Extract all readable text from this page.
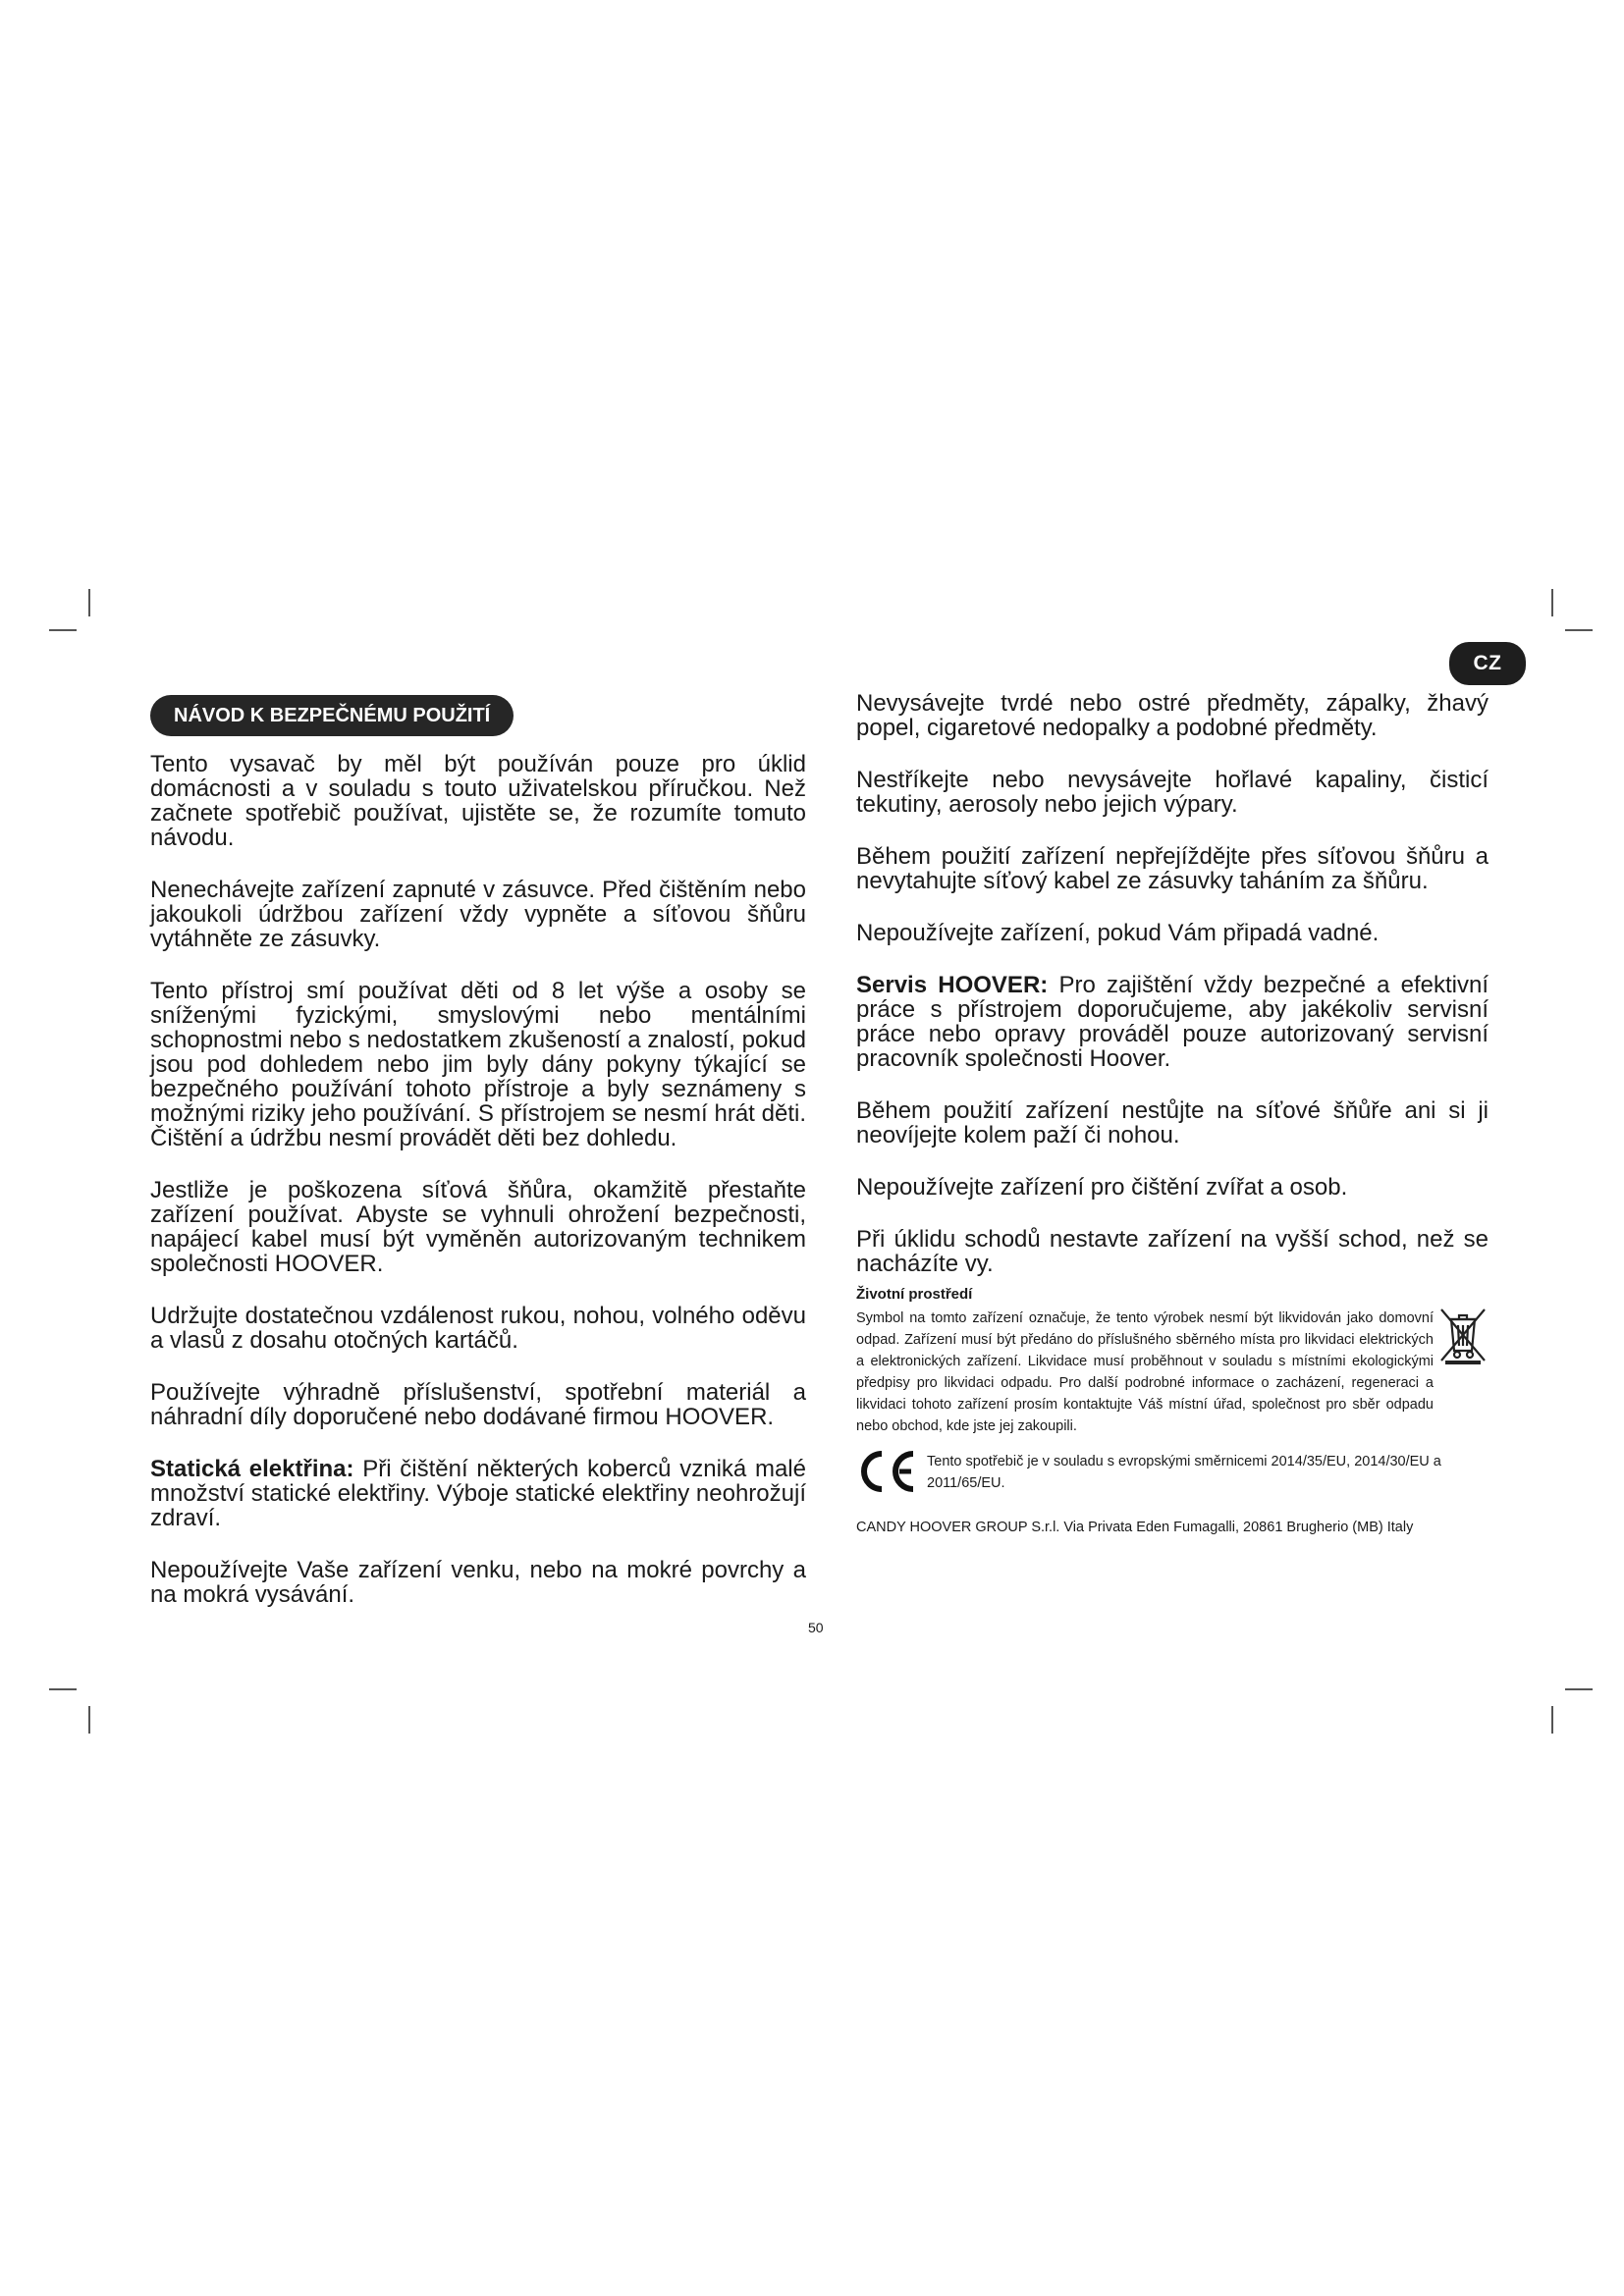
CZ
NÁVOD K BEZPEČNÉMU POUŽITÍ

Tento vysavač by měl být používán pouze pro úklid domácnosti a v souladu s touto uživatelskou příručkou. Než začnete spotřebič používat, ujistěte se, že rozumíte tomuto návodu.

Nenechávejte zařízení zapnuté v zásuvce. Před čištěním nebo jakoukoli údržbou zařízení vždy vypněte a síťovou šňůru vytáhněte ze zásuvky.

Tento přístroj smí používat děti od 8 let výše a osoby se sníženými fyzickými, smyslovými nebo mentálními schopnostmi nebo s nedostatkem zkušeností a znalostí, pokud jsou pod dohledem nebo jim byly dány pokyny týkající se bezpečného používání tohoto přístroje a byly seznámeny s možnými riziky jeho používání. S přístrojem se nesmí hrát děti. Čištění a údržbu nesmí provádět děti bez dohledu.

Jestliže je poškozena síťová šňůra, okamžitě přestaňte zařízení používat. Abyste se vyhnuli ohrožení bezpečnosti, napájecí kabel musí být vyměněn autorizovaným technikem společnosti HOOVER.

Udržujte dostatečnou vzdálenost rukou, nohou, volného oděvu a vlasů z dosahu otočných kartáčů.

Používejte výhradně příslušenství, spotřební materiál a náhradní díly doporučené nebo dodávané firmou HOOVER.

Statická elektřina: Při čištění některých koberců vzniká malé množství statické elektřiny. Výboje statické elektřiny neohrožují zdraví.

Nepoužívejte Vaše zařízení venku, nebo na mokré povrchy a na mokrá vysávání.

Nevysávejte tvrdé nebo ostré předměty, zápalky, žhavý popel, cigaretové nedopalky a podobné předměty.

Nestříkejte nebo nevysávejte hořlavé kapaliny, čisticí tekutiny, aerosoly nebo jejich výpary.

Během použití zařízení nepřejíždějte přes síťovou šňůru a nevytahujte síťový kabel ze zásuvky taháním za šňůru.

Nepoužívejte zařízení, pokud Vám připadá vadné.

Servis HOOVER: Pro zajištění vždy bezpečné a efektivní práce s přístrojem doporučujeme, aby jakékoliv servisní práce nebo opravy prováděl pouze autorizovaný servisní pracovník společnosti Hoover.

Během použití zařízení nestůjte na síťové šňůře ani si ji neovíjejte kolem paží či nohou.

Nepoužívejte zařízení pro čištění zvířat a osob.

Při úklidu schodů nestavte zařízení na vyšší schod, než se nacházíte vy.

Životní prostředí
Symbol na tomto zařízení označuje, že tento výrobek nesmí být likvidován jako domovní odpad. Zařízení musí být předáno do příslušného sběrného místa pro likvidaci elektrických a elektronických zařízení. Likvidace musí proběhnout v souladu s místními ekologickými předpisy pro likvidaci odpadu. Pro další podrobné informace o zacházení, regeneraci a likvidaci tohoto zařízení prosím kontaktujte Váš místní úřad, společnost pro sběr odpadu nebo obchod, kde jste jej zakoupili.
Tento spotřebič je v souladu s evropskými směrnicemi 2014/35/EU, 2014/30/EU a 2011/65/EU.
CANDY HOOVER GROUP S.r.l. Via Privata Eden Fumagalli, 20861 Brugherio (MB) Italy
50
